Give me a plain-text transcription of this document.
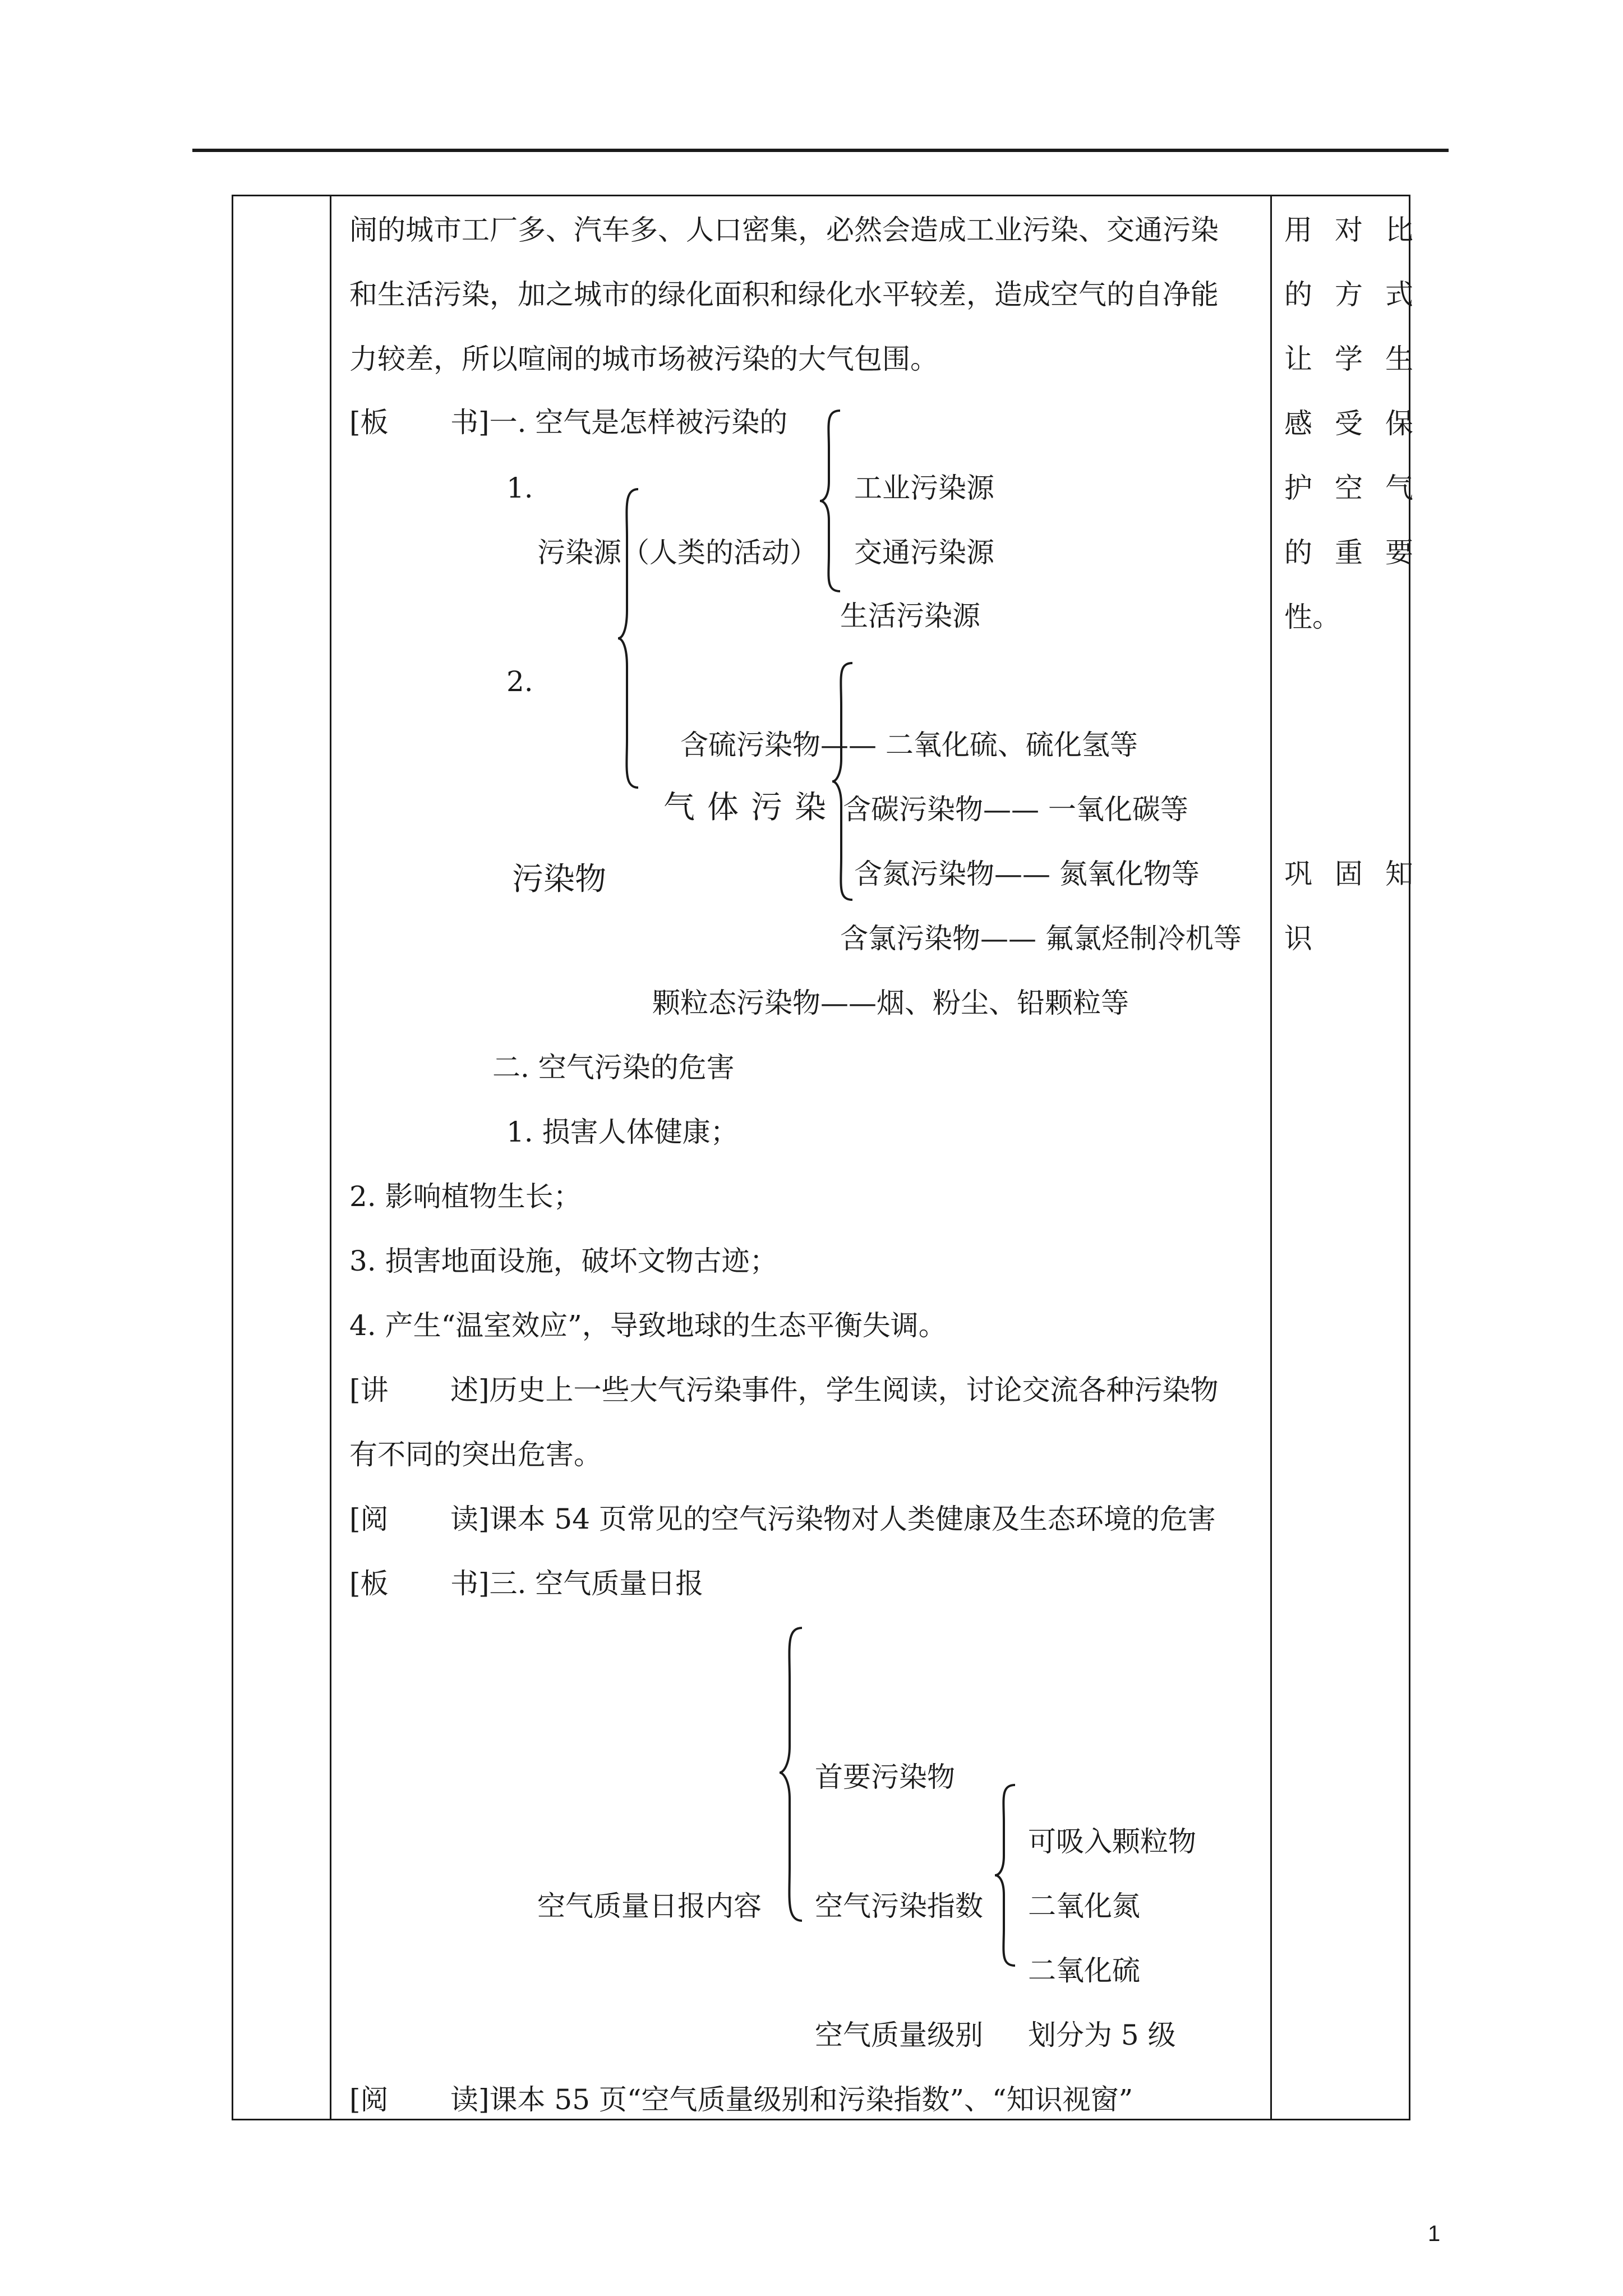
闹的城市工厂多、汽车多、人口密集，必然会造成工业污染、交通污染
和生活污染，加之城市的绿化面积和绿化水平较差，造成空气的自净能
力较差，所以喧闹的城市场被污染的大气包围。
[板 书]一. 空气是怎样被污染的
1.	工业污染源
污染源（人类的活动） 交通污染源
生活污染源
2.
含硫污染物—— 二氧化硫、硫化氢等
气体污染 含碳污染物—— 一氧化碳等
污染物	含氮污染物—— 氮氧化物等
含氯污染物—— 氟氯烃制冷机等
颗粒态污染物——烟、粉尘、铅颗粒等
二. 空气污染的危害
1. 损害人体健康；
2. 影响植物生长；
3. 损害地面设施，破坏文物古迹；
4. 产生“温室效应”，导致地球的生态平衡失调。
[讲 述]历史上一些大气污染事件，学生阅读，讨论交流各种污染物
有不同的突出危害。
[阅 读]课本 54 页常见的空气污染物对人类健康及生态环境的危害
[板 书]三. 空气质量日报
首要污染物
可吸入颗粒物
空气质量日报内容 空气污染指数 二氧化氮
二氧化硫
空气质量级别 划分为 5 级
[阅 读]课本 55 页“空气质量级别和污染指数”、“知识视窗”
用对比
的方式
让学生
感受保
护空气
的重要
性。
巩固知
识
1
